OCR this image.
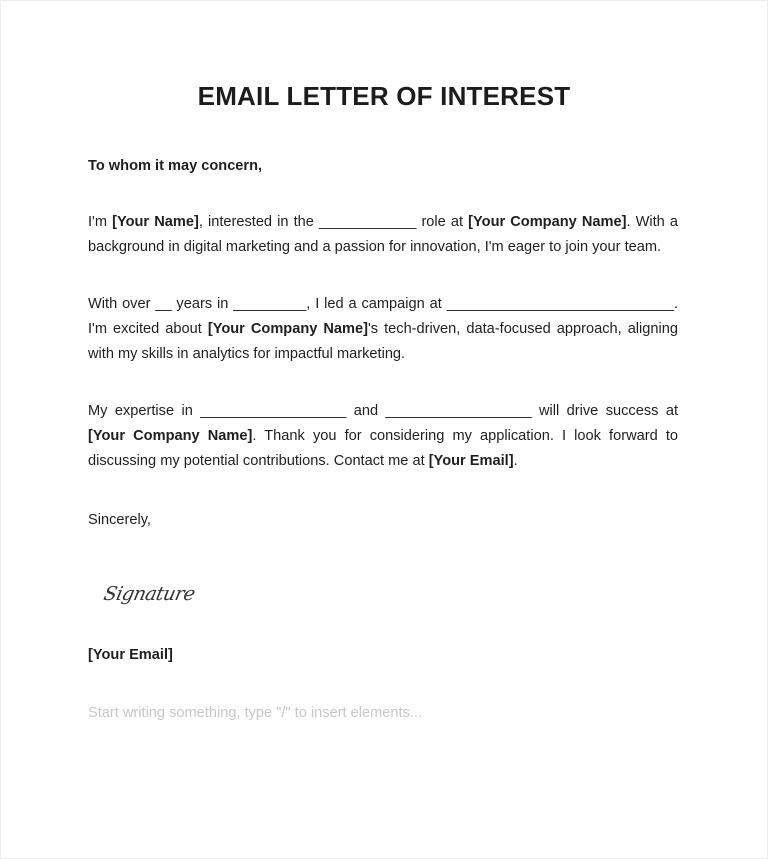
EMAIL LETTER OF INTEREST

To whom it may concern,

I'm [Your Name], interested in the ____________ role at [Your Company Name]. With a background in digital marketing and a passion for innovation, I'm eager to join your team.

With over __ years in _________, I led a campaign at ____________________________. I'm excited about [Your Company Name]'s tech-driven, data-focused approach, aligning with my skills in analytics for impactful marketing.

My expertise in __________________ and __________________ will drive success at [Your Company Name]. Thank you for considering my application. I look forward to discussing my potential contributions. Contact me at [Your Email].

Sincerely,

Signature

[Your Email]

Start writing something, type "/" to insert elements...
